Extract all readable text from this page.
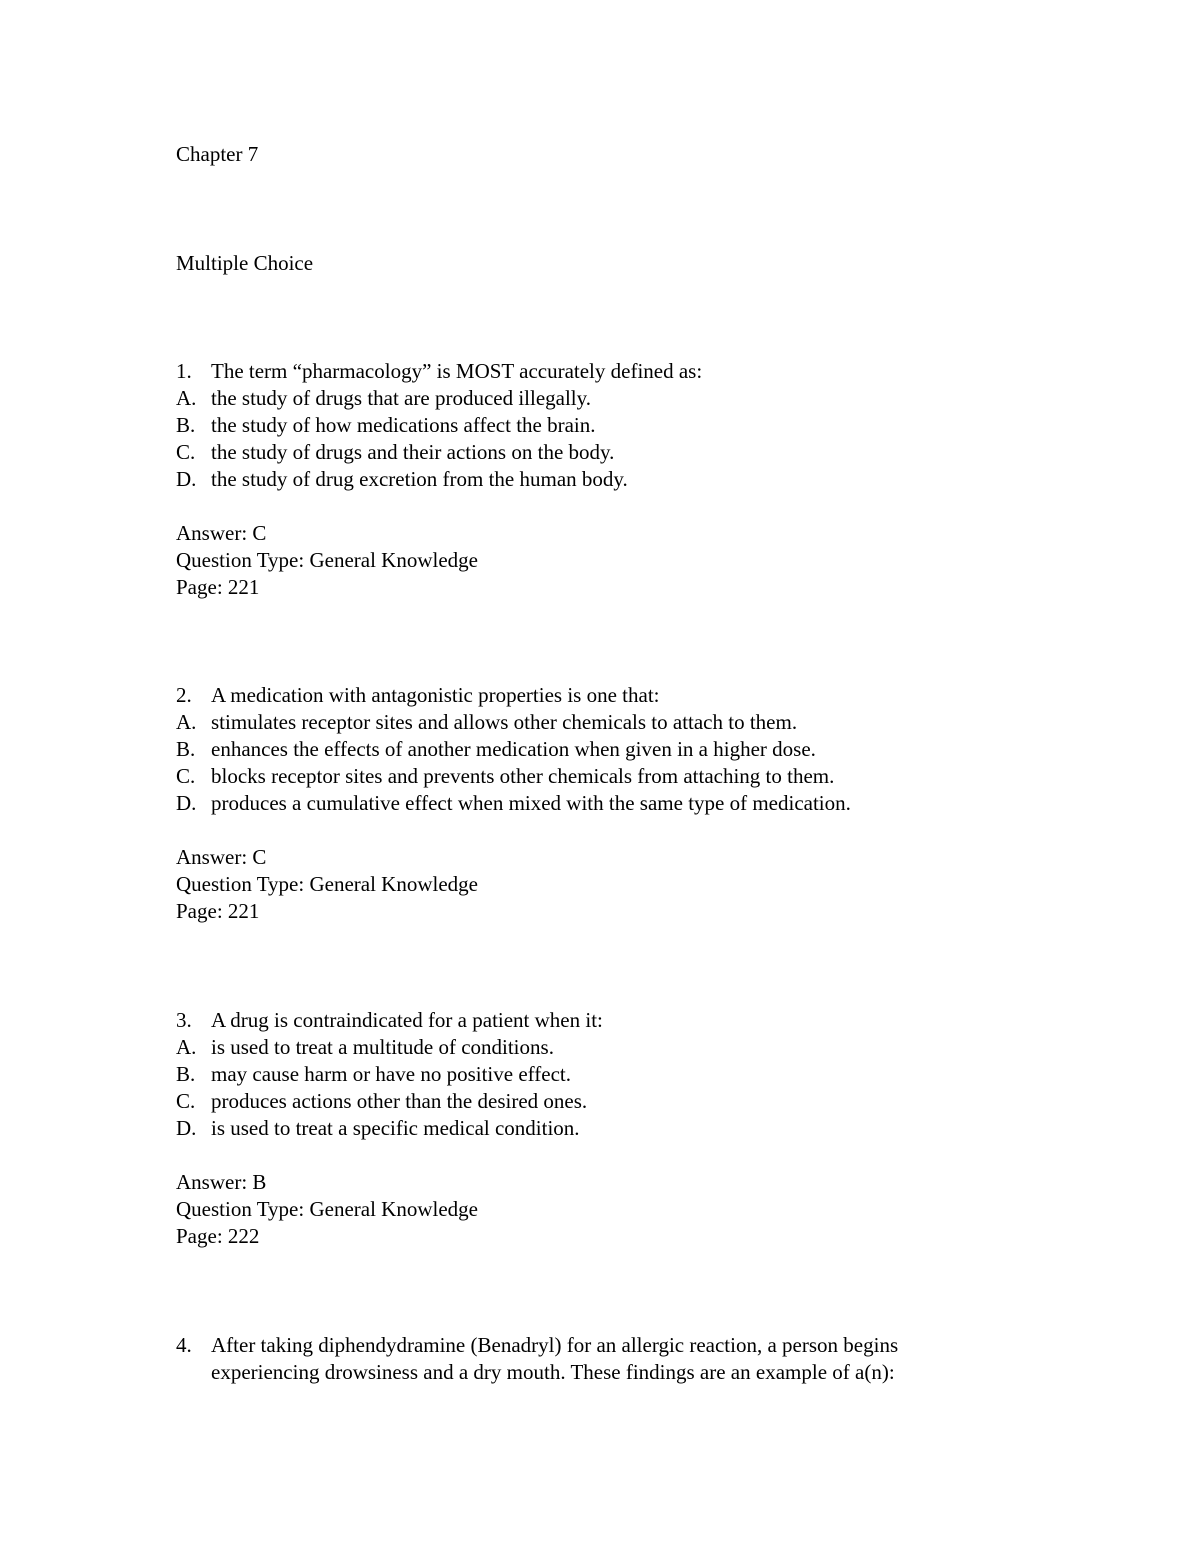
Chapter 7
Multiple Choice
1. The term “pharmacology” is MOST accurately defined as:
A. the study of drugs that are produced illegally.
B. the study of how medications affect the brain.
C. the study of drugs and their actions on the body.
D. the study of drug excretion from the human body.
Answer: C
Question Type: General Knowledge
Page: 221
2. A medication with antagonistic properties is one that:
A. stimulates receptor sites and allows other chemicals to attach to them.
B. enhances the effects of another medication when given in a higher dose.
C. blocks receptor sites and prevents other chemicals from attaching to them.
D. produces a cumulative effect when mixed with the same type of medication.
Answer: C
Question Type: General Knowledge
Page: 221
3. A drug is contraindicated for a patient when it:
A. is used to treat a multitude of conditions.
B. may cause harm or have no positive effect.
C. produces actions other than the desired ones.
D. is used to treat a specific medical condition.
Answer: B
Question Type: General Knowledge
Page: 222
4. After taking diphendydramine (Benadryl) for an allergic reaction, a person begins experiencing drowsiness and a dry mouth. These findings are an example of a(n):
